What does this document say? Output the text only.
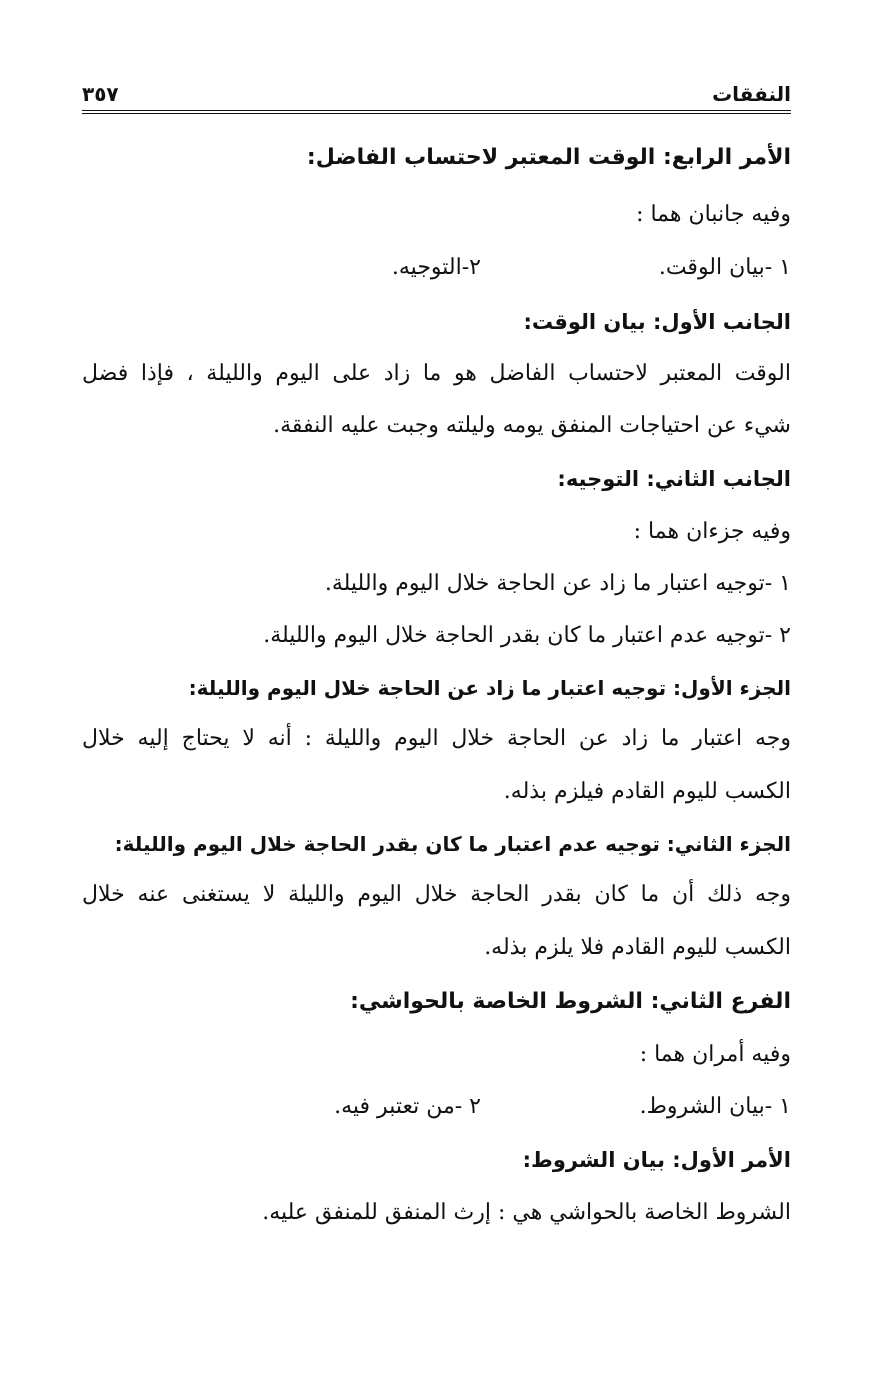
النفقات
٣٥٧
الأمر الرابع: الوقت المعتبر لاحتساب الفاضل:
وفيه جانبان هما :
١ -بيان الوقت.
٢-التوجيه.
الجانب الأول: بيان الوقت:
الوقت المعتبر لاحتساب الفاضل هو ما زاد على اليوم والليلة ، فإذا فضل
شيء عن احتياجات المنفق يومه وليلته وجبت عليه النفقة.
الجانب الثاني: التوجيه:
وفيه جزءان هما :
١ -توجيه اعتبار ما زاد عن الحاجة خلال اليوم والليلة.
٢ -توجيه عدم اعتبار ما كان بقدر الحاجة خلال اليوم والليلة.
الجزء الأول: توجيه اعتبار ما زاد عن الحاجة خلال اليوم والليلة:
وجه اعتبار ما زاد عن الحاجة خلال اليوم والليلة : أنه لا يحتاج إليه خلال
الكسب لليوم القادم فيلزم بذله.
الجزء الثاني: توجيه عدم اعتبار ما كان بقدر الحاجة خلال اليوم والليلة:
وجه ذلك أن ما كان بقدر الحاجة خلال اليوم والليلة لا يستغنى عنه خلال
الكسب لليوم القادم فلا يلزم بذله.
الفرع الثاني: الشروط الخاصة بالحواشي:
وفيه أمران هما :
١ -بيان الشروط.
٢ -من تعتبر فيه.
الأمر الأول: بيان الشروط:
الشروط الخاصة بالحواشي هي : إرث المنفق للمنفق عليه.
